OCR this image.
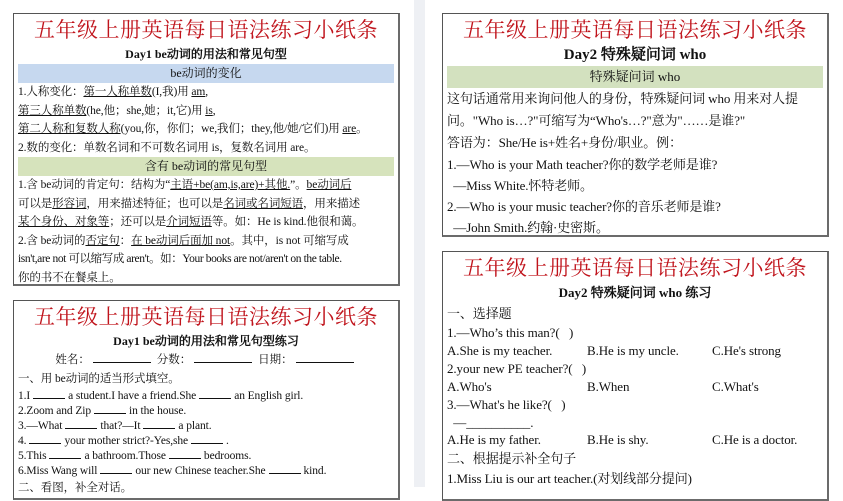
五年级上册英语每日语法练习小纸条
Day1 be动词的用法和常见句型
be动词的变化
1.人称变化：第一人称单数(I,我)用 am,
第三人称单数(he,他；she,她；it,它)用 is,
第二人称和复数人称(you,你，你们；we,我们；they,他/她/它们)用 are。
2.数的变化：单数名词和不可数名词用 is，复数名词用 are。
含有 be动词的常见句型
1.含 be动词的肯定句：结构为“主语+be(am,is,are)+其他.”。be动词后
可以是形容词，用来描述特征；也可以是名词或名词短语，用来描述
某个身份、对象等；还可以是介词短语等。如：He is kind.他很和蔼。
2.含 be动词的否定句：在 be动词后面加 not。其中，is not 可缩写成
isn't,are not 可以缩写成 aren't。如：Your books are not/aren't on the table.
你的书不在餐桌上。
五年级上册英语每日语法练习小纸条
Day1 be动词的用法和常见句型练习
姓名：	分数：	日期：
一、用 be动词的适当形式填空。
1.I	a student.I have a friend.She	an English girl.
2.Zoom and Zip	in the house.
3.—What	that?—It	a plant.
4.	your mother strict?-Yes,she	.
5.This	a bathroom.Those	bedrooms.
6.Miss Wang will	our new Chinese teacher.She	kind.
二、看图，补全对话。
五年级上册英语每日语法练习小纸条
Day2 特殊疑问词 who
特殊疑问词 who
这句话通常用来询问他人的身份，特殊疑问词 who 用来对人提
问。"Who is…?"可缩写为“Who's…?"意为"……是谁?"
答语为：She/He is+姓名+身份/职业。例：
1.—Who is your Math teacher?你的数学老师是谁?
—Miss White.怀特老师。
2.—Who is your music teacher?你的音乐老师是谁?
—John Smith.约翰·史密斯。
五年级上册英语每日语法练习小纸条
Day2 特殊疑问词 who 练习
一、选择题
1.—Who’s this man?(   )
A.She is my teacher.	B.He is my uncle.	C.He's strong
2.your new PE teacher?(   )
A.Who's	B.When	C.What's
3.—What's he like?(   )
—__________.
A.He is my father.	B.He is shy.	C.He is a doctor.
二、根据提示补全句子
1.Miss Liu is our art teacher.(对划线部分提问)
